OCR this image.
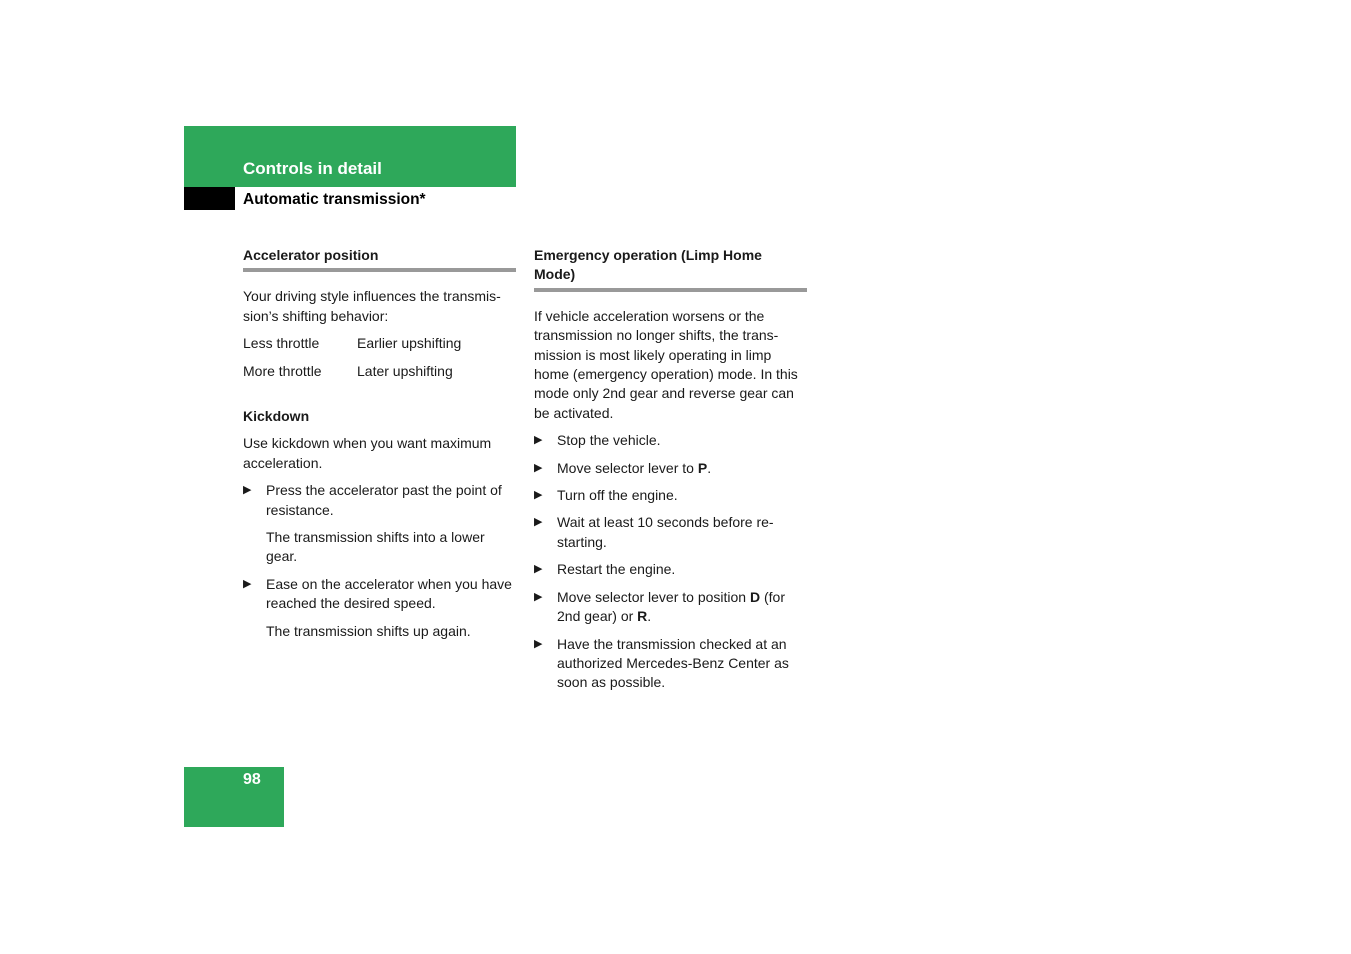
Controls in detail
Automatic transmission*
Accelerator position

Your driving style influences the transmis-sion’s shifting behavior:

Less throttle	Earlier upshifting
More throttle	Later upshifting
Kickdown

Use kickdown when you want maximum acceleration.

▶	Press the accelerator past the point of resistance.

The transmission shifts into a lower gear.

▶	Ease on the accelerator when you have reached the desired speed.

The transmission shifts up again.

Emergency operation (Limp Home Mode)

If vehicle acceleration worsens or the transmission no longer shifts, the trans-mission is most likely operating in limp home (emergency operation) mode. In this mode only 2nd gear and reverse gear can be activated.

▶	Stop the vehicle.
▶	Move selector lever to P.
▶	Turn off the engine.
▶	Wait at least 10 seconds before re-starting.
▶	Restart the engine.
▶	Move selector lever to position D (for 2nd gear) or R.
▶	Have the transmission checked at an authorized Mercedes-Benz Center as soon as possible.
98
